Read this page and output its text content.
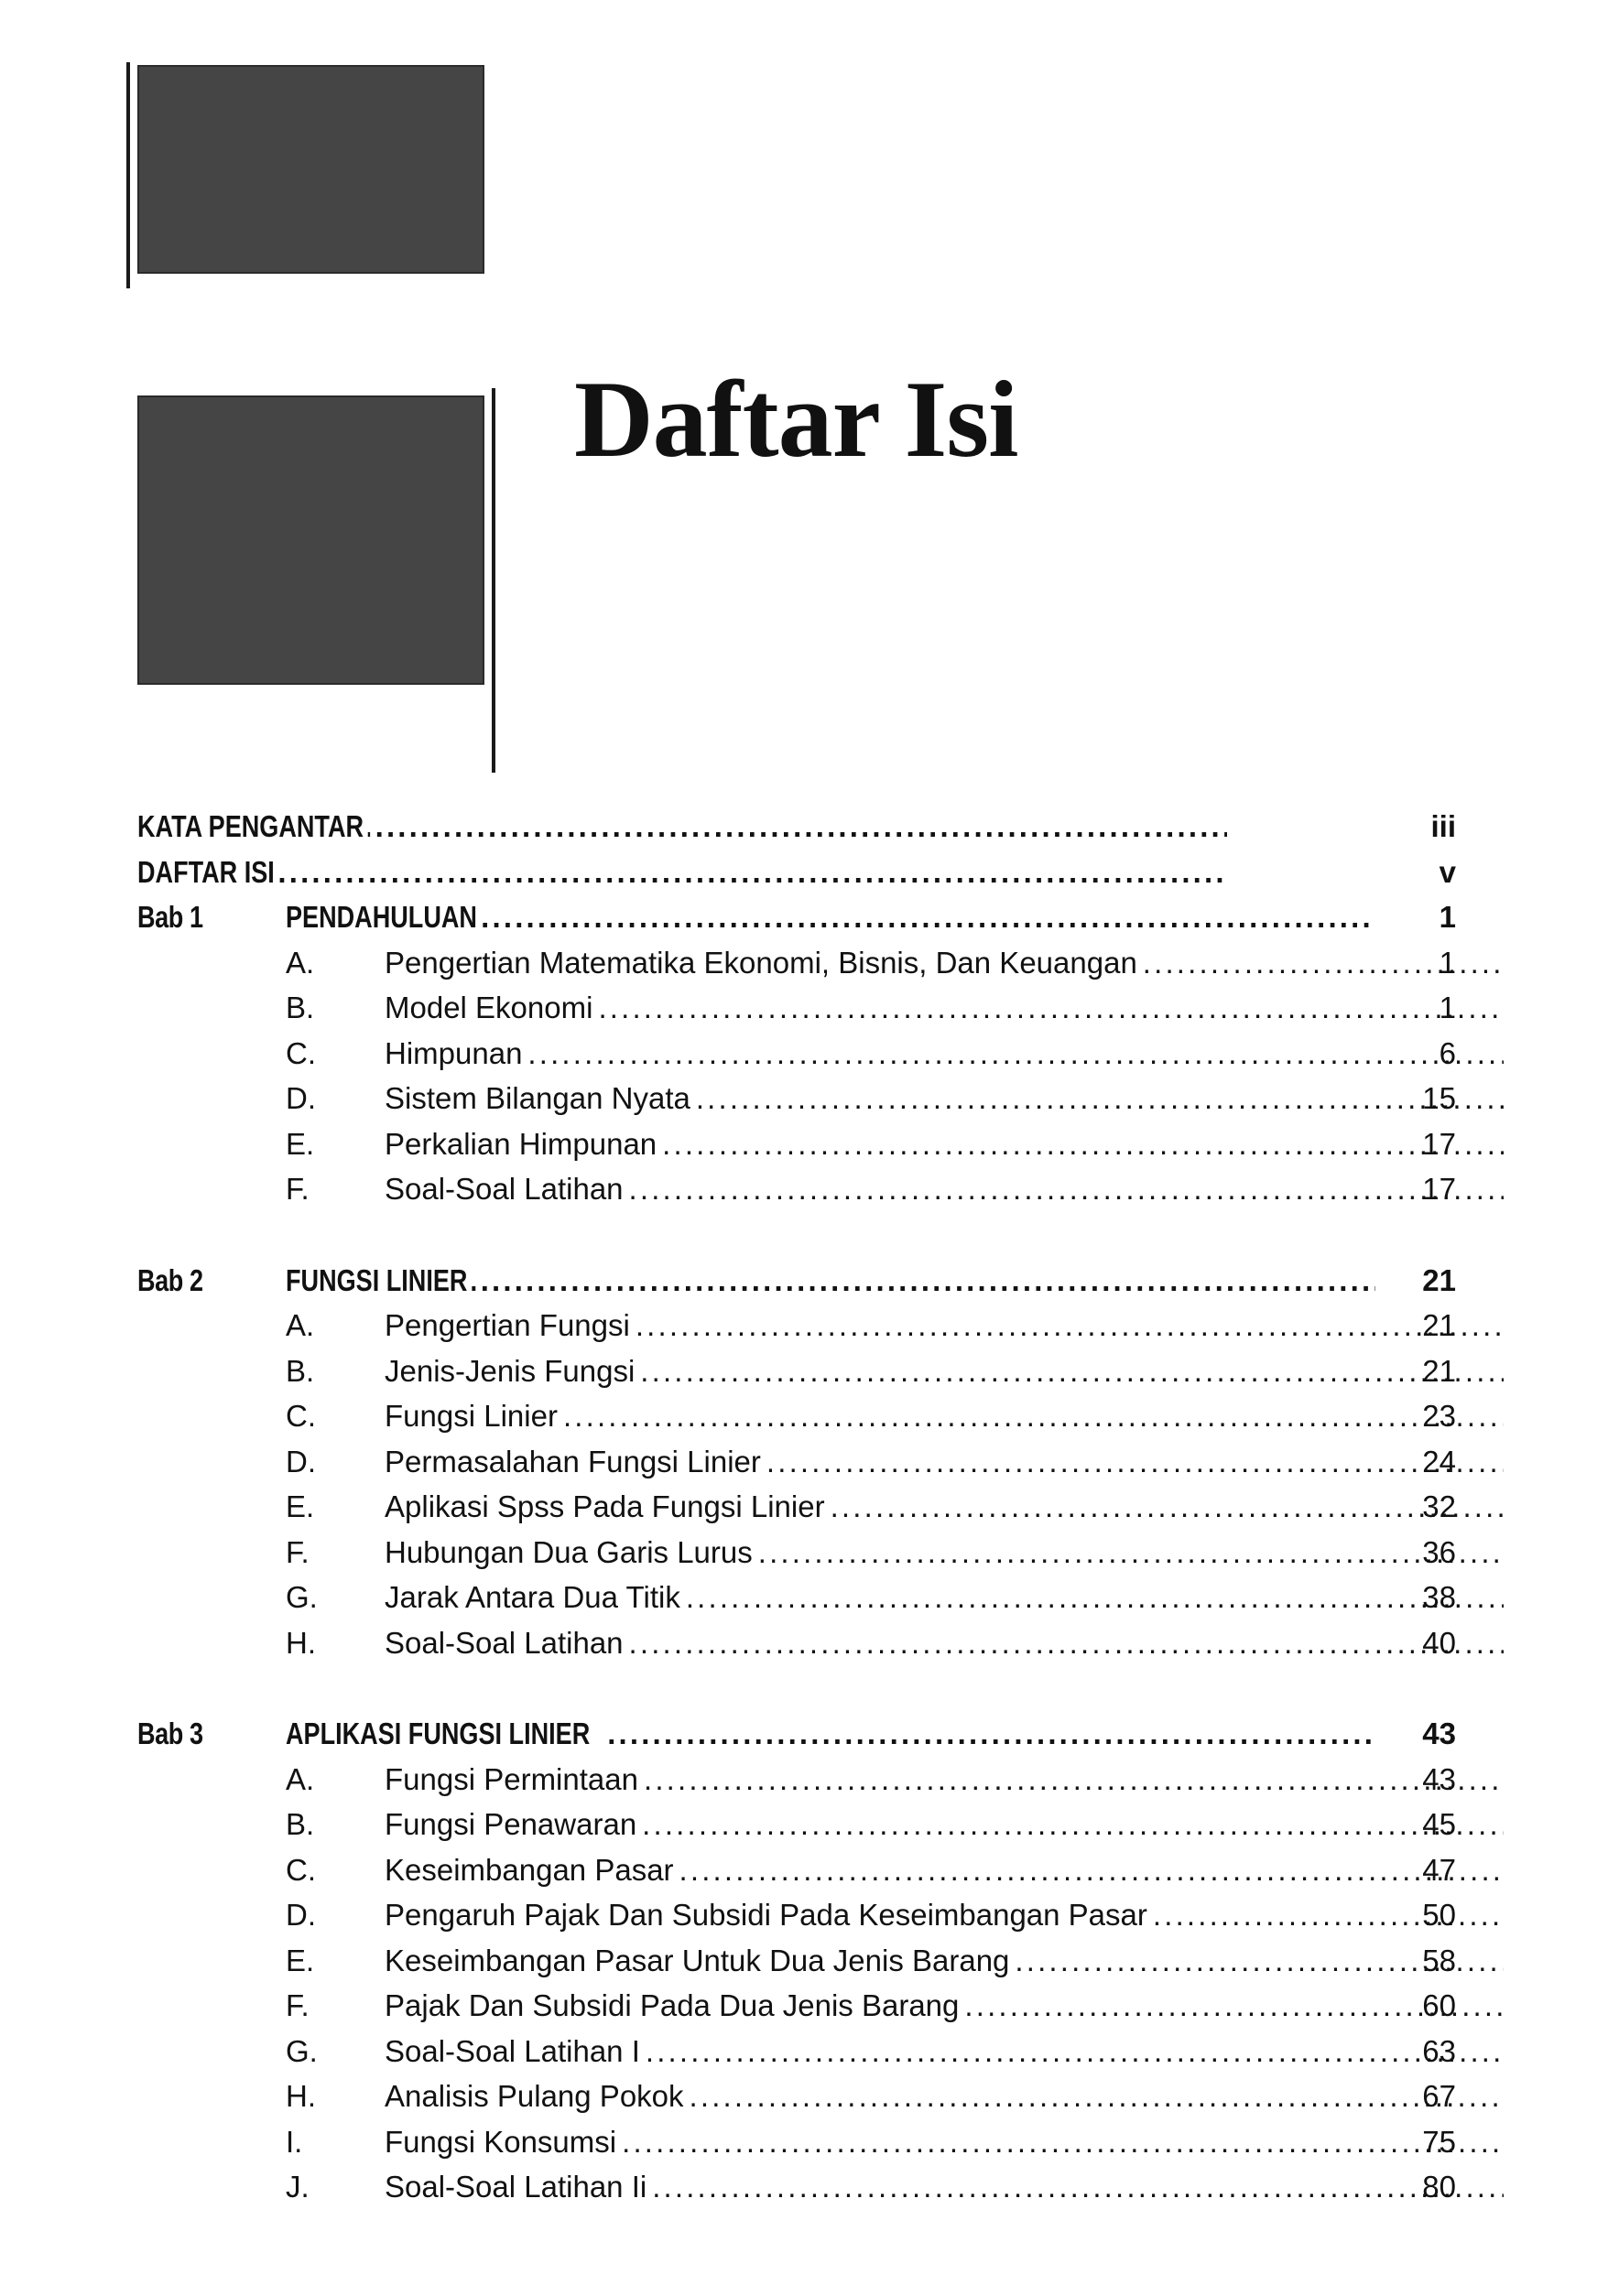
Daftar Isi
KATA PENGANTAR . . .	iii
DAFTAR ISI . . .	v
Bab 1	PENDAHULUAN . . .	1
A. Pengertian Matematika Ekonomi, Bisnis, Dan Keuangan . . .	1
B. Model Ekonomi . . .	1
C. Himpunan . . .	6
D. Sistem Bilangan Nyata . . .	15
E. Perkalian Himpunan . . .	17
F. Soal-Soal Latihan . . .	17
Bab 2	FUNGSI LINIER . . .	21
A. Pengertian Fungsi . . .	21
B. Jenis-Jenis Fungsi . . .	21
C. Fungsi Linier . . .	23
D. Permasalahan Fungsi Linier . . .	24
E. Aplikasi Spss Pada Fungsi Linier . . .	32
F. Hubungan Dua Garis Lurus . . .	36
G. Jarak Antara Dua Titik . . .	38
H. Soal-Soal Latihan . . .	40
Bab 3	APLIKASI FUNGSI LINIER . . .	43
A. Fungsi Permintaan . . .	43
B. Fungsi Penawaran . . .	45
C. Keseimbangan Pasar . . .	47
D. Pengaruh Pajak Dan Subsidi Pada Keseimbangan Pasar . . .	50
E. Keseimbangan Pasar Untuk Dua Jenis Barang . . .	58
F. Pajak Dan Subsidi Pada Dua Jenis Barang . . .	60
G. Soal-Soal Latihan I . . .	63
H. Analisis Pulang Pokok . . .	67
I.	Fungsi Konsumsi . . .	75
J. Soal-Soal Latihan Ii . . .	80
